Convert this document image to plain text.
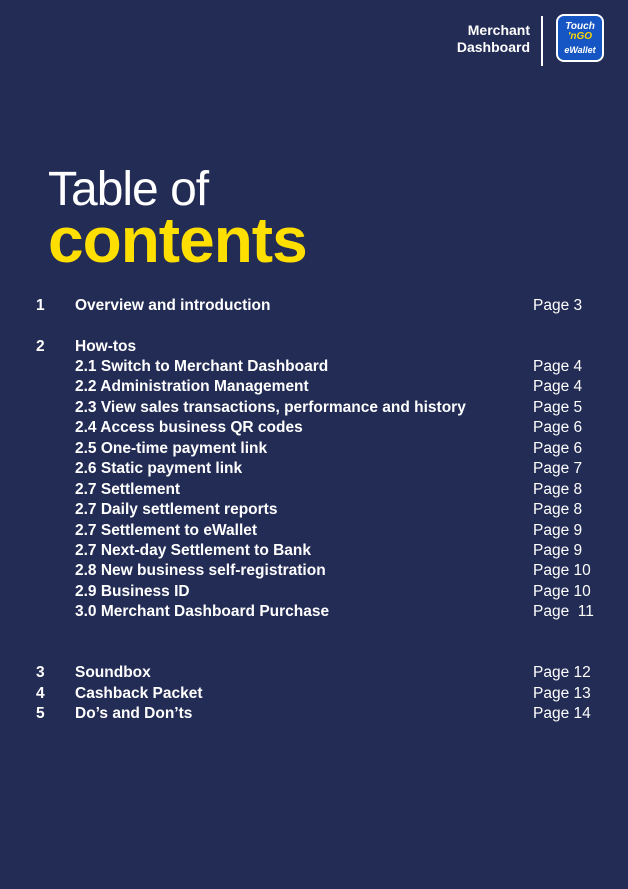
Merchant
Dashboard
Touch
'nGO
eWallet
Table of
contents
1 Overview and introduction	Page 3
2 How-tos
2.1 Switch to Merchant Dashboard	Page 4
2.2 Administration Management	Page 4
2.3 View sales transactions, performance and history	Page 5
2.4 Access business QR codes	Page 6
2.5 One-time payment link	Page 6
2.6 Static payment link	Page 7
2.7 Settlement	Page 8
2.7 Daily settlement reports	Page 8
2.7 Settlement to eWallet	Page 9
2.7 Next-day Settlement to Bank	Page 9
2.8 New business self-registration	Page 10
2.9 Business ID	Page 10
3.0 Merchant Dashboard Purchase	Page  11
3 Soundbox	Page 12
4 Cashback Packet	Page 13
5 Do’s and Don’ts	Page 14
